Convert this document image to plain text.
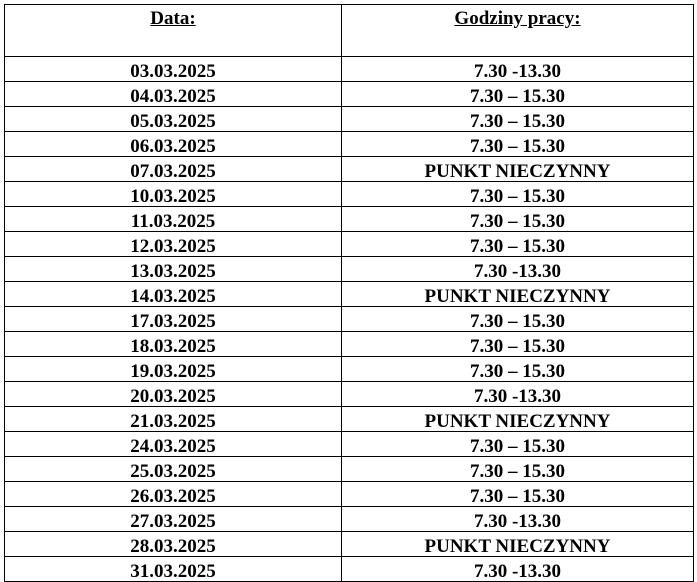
Data:	Godziny pracy:
03.03.2025	7.30 -13.30
04.03.2025	7.30 – 15.30
05.03.2025	7.30 – 15.30
06.03.2025	7.30 – 15.30
07.03.2025	PUNKT NIECZYNNY
10.03.2025	7.30 – 15.30
11.03.2025	7.30 – 15.30
12.03.2025	7.30 – 15.30
13.03.2025	7.30 -13.30
14.03.2025	PUNKT NIECZYNNY
17.03.2025	7.30 – 15.30
18.03.2025	7.30 – 15.30
19.03.2025	7.30 – 15.30
20.03.2025	7.30 -13.30
21.03.2025	PUNKT NIECZYNNY
24.03.2025	7.30 – 15.30
25.03.2025	7.30 – 15.30
26.03.2025	7.30 – 15.30
27.03.2025	7.30 -13.30
28.03.2025	PUNKT NIECZYNNY
31.03.2025	7.30 -13.30
